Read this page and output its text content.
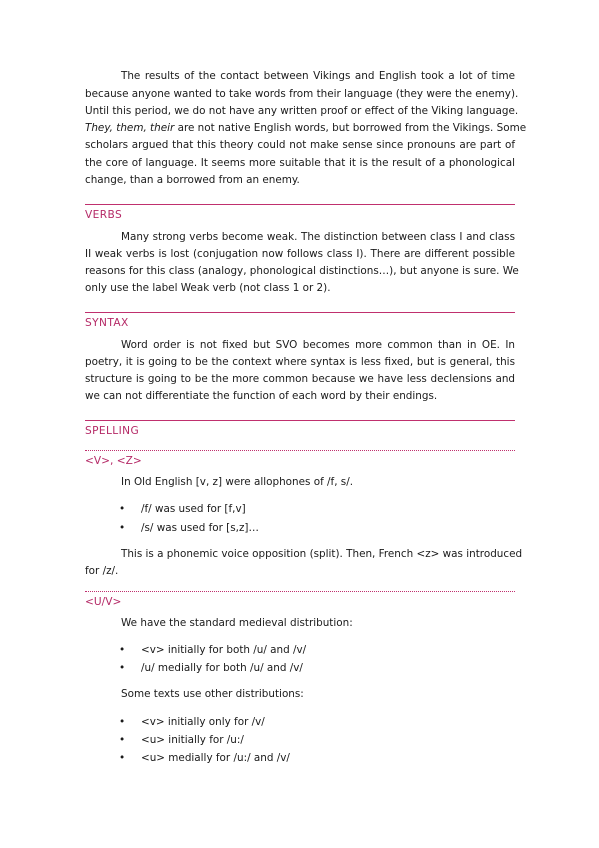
The results of the contact between Vikings and English took a lot of time

because anyone wanted to take words from their language (they were the enemy).

Until this period, we do not have any written proof or effect of the Viking language.

They, them, their are not native English words, but borrowed from the Vikings. Some

scholars argued that this theory could not make sense since pronouns are part of

the core of language. It seems more suitable that it is the result of a phonological

change, than a borrowed from an enemy.

VERBS

Many strong verbs become weak. The distinction between class I and class

II weak verbs is lost (conjugation now follows class I). There are different possible

reasons for this class (analogy, phonological distinctions…), but anyone is sure. We

only use the label Weak verb (not class 1 or 2).

SYNTAX

Word order is not fixed but SVO becomes more common than in OE. In

poetry, it is going to be the context where syntax is less fixed, but is general, this

structure is going to be the more common because we have less declensions and

we can not differentiate the function of each word by their endings.

SPELLING

<V>, <Z>

In Old English [v, z] were allophones of /f, s/.

• /f/ was used for [f,v]
• /s/ was used for [s,z]…

This is a phonemic voice opposition (split). Then, French <z> was introduced

for /z/.

<U/V>

We have the standard medieval distribution:

• <v> initially for both /u/ and /v/
• /u/ medially for both /u/ and /v/

Some texts use other distributions:

• <v> initially only for /v/
• <u> initially for /u:/
• <u> medially for /u:/ and /v/
